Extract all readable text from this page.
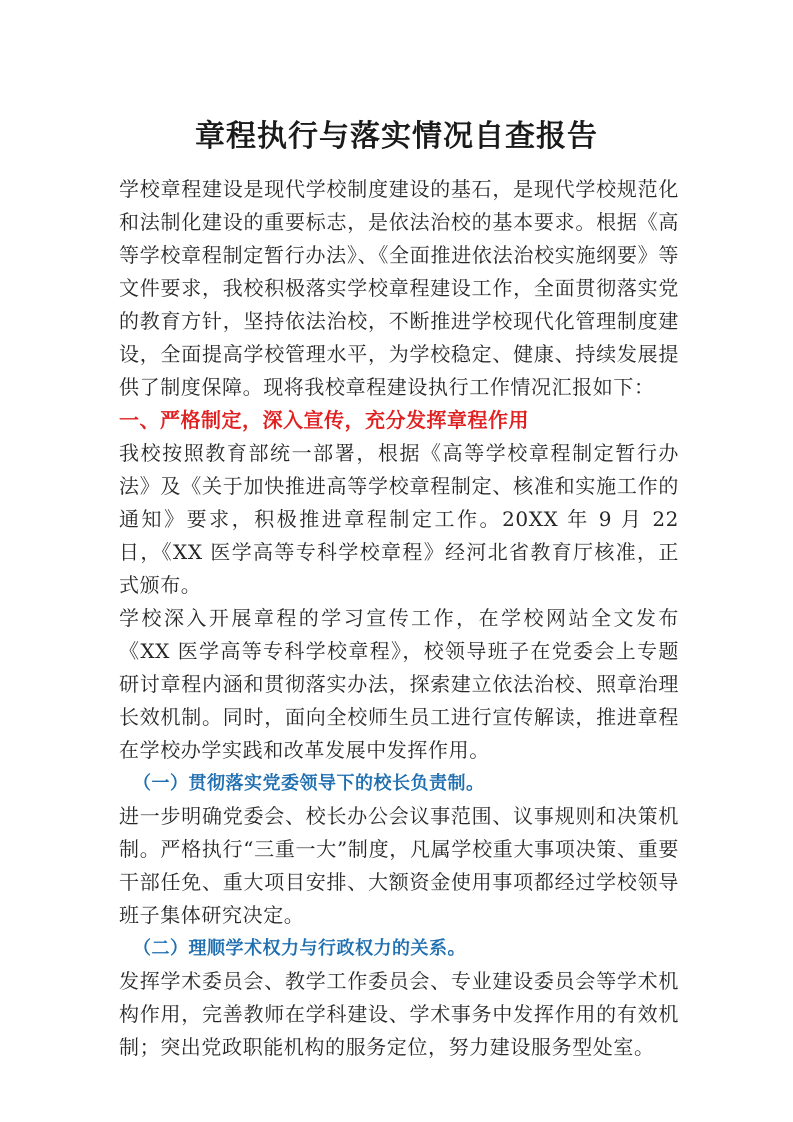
章程执行与落实情况自查报告

学校章程建设是现代学校制度建设的基石，是现代学校规范化和法制化建设的重要标志，是依法治校的基本要求。根据《高等学校章程制定暂行办法》、《全面推进依法治校实施纲要》等文件要求，我校积极落实学校章程建设工作，全面贯彻落实党的教育方针，坚持依法治校，不断推进学校现代化管理制度建设，全面提高学校管理水平，为学校稳定、健康、持续发展提供了制度保障。现将我校章程建设执行工作情况汇报如下：

一、严格制定，深入宣传，充分发挥章程作用

我校按照教育部统一部署，根据《高等学校章程制定暂行办法》及《关于加快推进高等学校章程制定、核准和实施工作的通知》要求，积极推进章程制定工作。20XX 年 9 月 22 日，《XX 医学高等专科学校章程》经河北省教育厅核准，正式颁布。

学校深入开展章程的学习宣传工作，在学校网站全文发布《XX 医学高等专科学校章程》，校领导班子在党委会上专题研讨章程内涵和贯彻落实办法，探索建立依法治校、照章治理长效机制。同时，面向全校师生员工进行宣传解读，推进章程在学校办学实践和改革发展中发挥作用。

（一）贯彻落实党委领导下的校长负责制。

进一步明确党委会、校长办公会议事范围、议事规则和决策机制。严格执行“三重一大”制度，凡属学校重大事项决策、重要干部任免、重大项目安排、大额资金使用事项都经过学校领导班子集体研究决定。

（二）理顺学术权力与行政权力的关系。

发挥学术委员会、教学工作委员会、专业建设委员会等学术机构作用，完善教师在学科建设、学术事务中发挥作用的有效机制；突出党政职能机构的服务定位，努力建设服务型处室。
